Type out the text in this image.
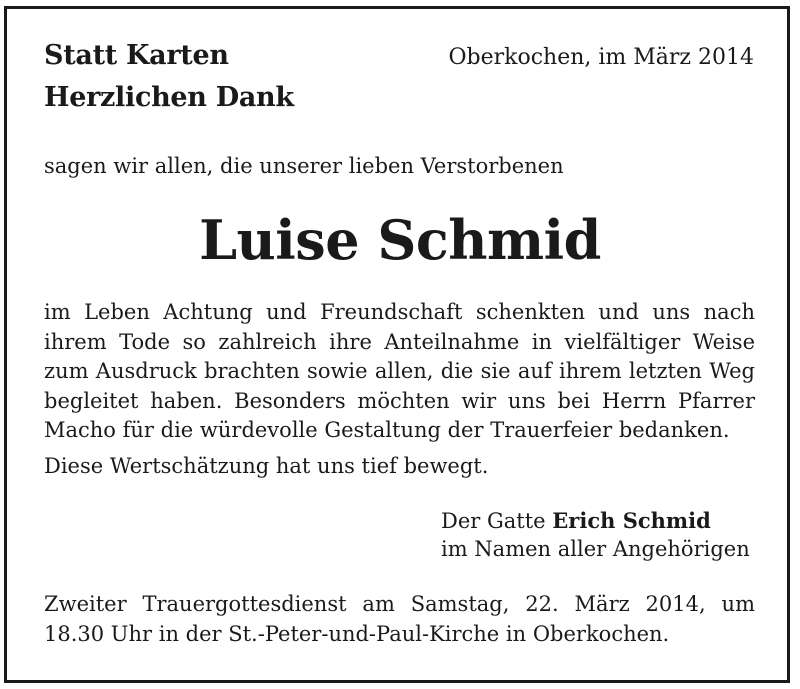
Statt Karten
Herzlichen Dank
Oberkochen, im März 2014
sagen wir allen, die unserer lieben Verstorbenen
Luise Schmid

im Leben Achtung und Freundschaft schenkten und uns nach ihrem Tode so zahlreich ihre Anteilnahme in vielfältiger Weise zum Ausdruck brachten sowie allen, die sie auf ihrem letzten Weg begleitet haben. Besonders möchten wir uns bei Herrn Pfarrer Macho für die würdevolle Gestaltung der Trauerfeier bedanken.

Diese Wertschätzung hat uns tief bewegt.
Der Gatte Erich Schmid
im Namen aller Angehörigen

Zweiter Trauergottesdienst am Samstag, 22. März 2014, um 18.30 Uhr in der St.-Peter-und-Paul-Kirche in Oberkochen.
